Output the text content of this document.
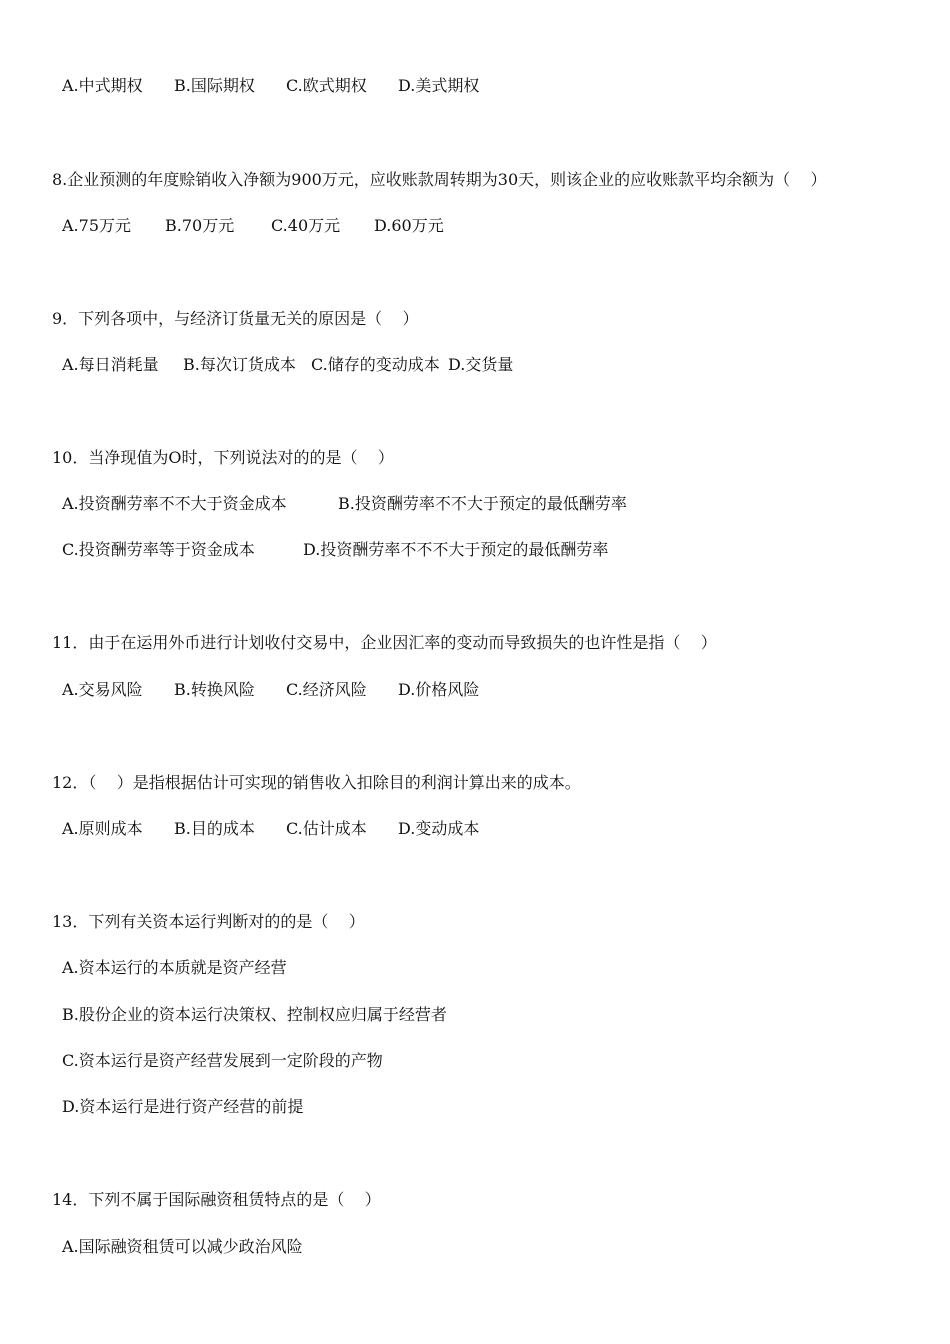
A.中式期权

B.国际期权

C.欧式期权

D.美式期权

8.企业预测的年度赊销收入净额为900万元，应收账款周转期为30天，则该企业的应收账款平均余额为（    ）

A.75万元

B.70万元

C.40万元

D.60万元

9．下列各项中，与经济订货量无关的原因是（    ）

A.每日消耗量

B.每次订货成本

C.储存的变动成本

D.交货量

10．当净现值为O时，下列说法对的的是（    ）

A.投资酬劳率不不大于资金成本

	B.投资酬劳率不不大于预定的最低酬劳率

C.投资酬劳率等于资金成本

	D.投资酬劳率不不不大于预定的最低酬劳率

11．由于在运用外币进行计划收付交易中，企业因汇率的变动而导致损失的也许性是指（    ）

A.交易风险

B.转换风险

C.经济风险

D.价格风险

12．（    ）是指根据估计可实现的销售收入扣除目的利润计算出来的成本。

A.原则成本

B.目的成本

C.估计成本

D.变动成本

13．下列有关资本运行判断对的的是（    ）
A.资本运行的本质就是资产经营
B.股份企业的资本运行决策权、控制权应归属于经营者
C.资本运行是资产经营发展到一定阶段的产物
D.资本运行是进行资产经营的前提
14．下列不属于国际融资租赁特点的是（    ）
A.国际融资租赁可以减少政治风险
